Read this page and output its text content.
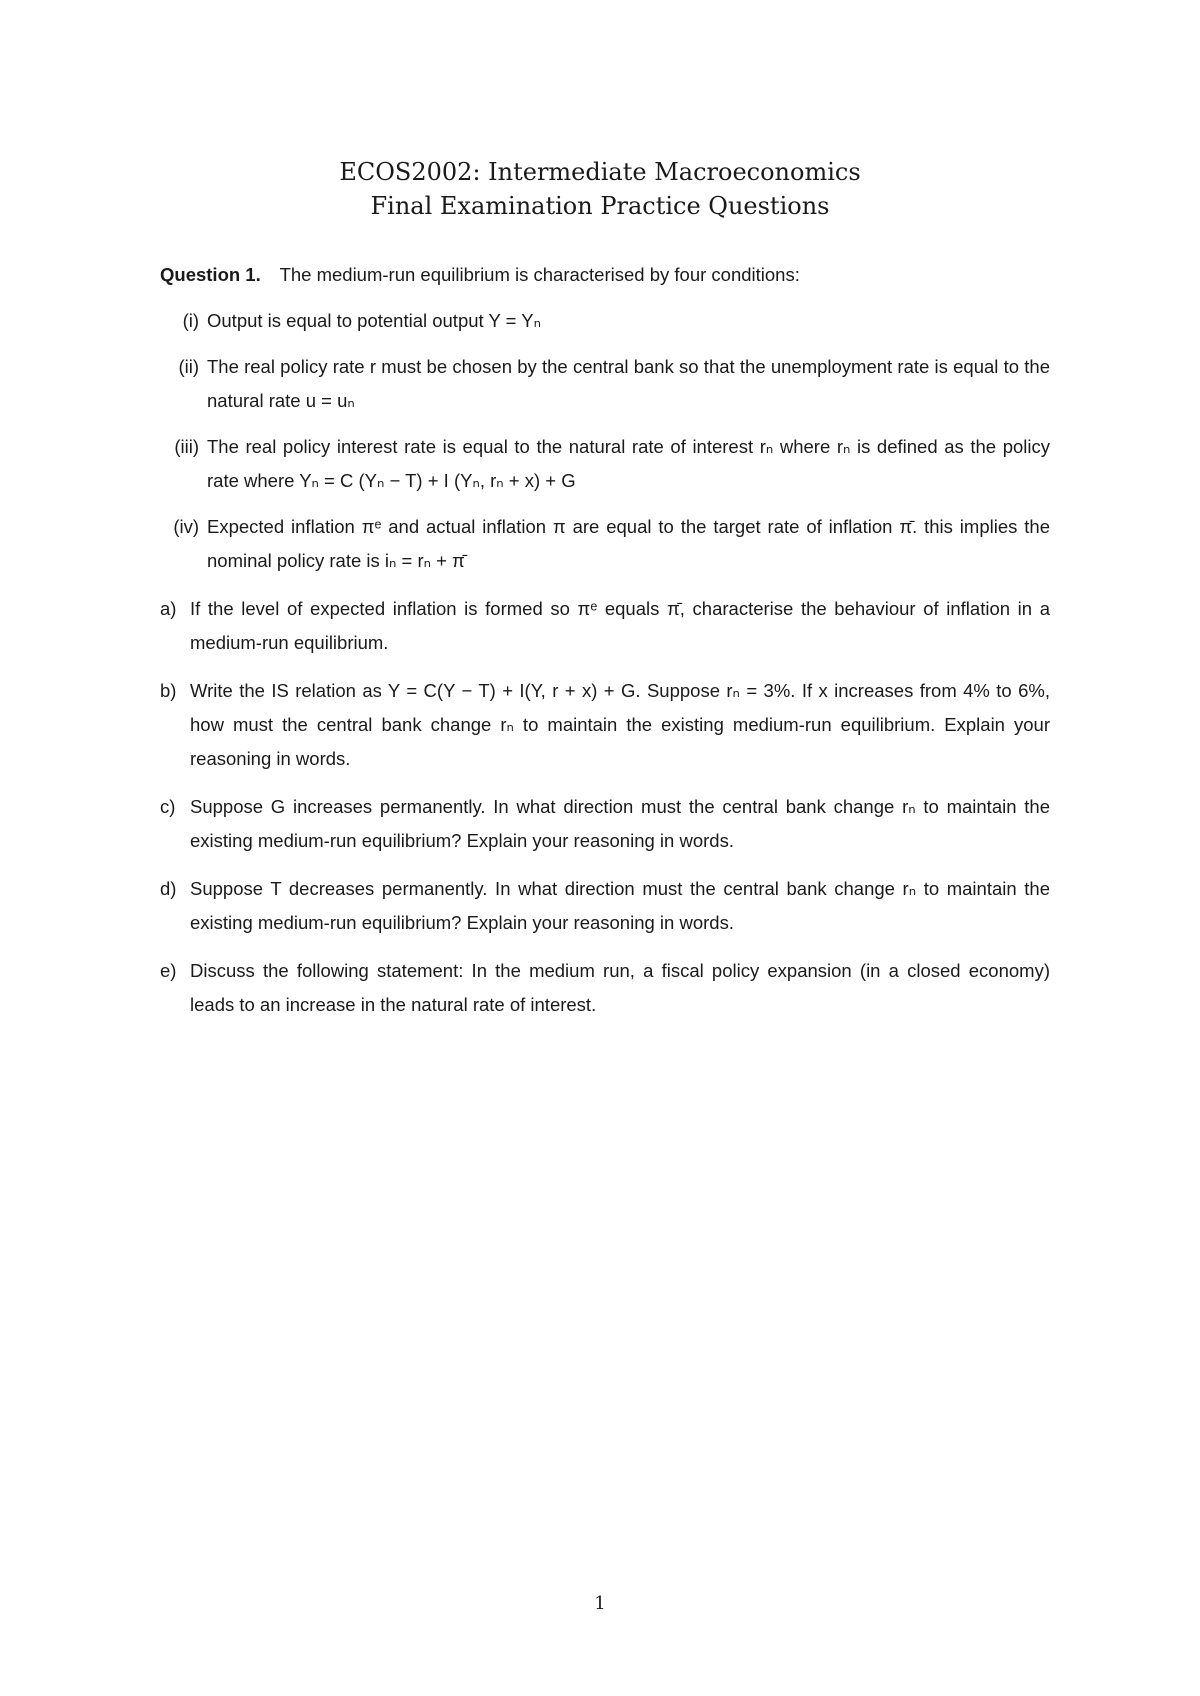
ECOS2002: Intermediate Macroeconomics
Final Examination Practice Questions
Question 1. The medium-run equilibrium is characterised by four conditions:
(i) Output is equal to potential output Y = Yₙ
(ii) The real policy rate r must be chosen by the central bank so that the unemployment rate is equal to the natural rate u = uₙ
(iii) The real policy interest rate is equal to the natural rate of interest rₙ where rₙ is defined as the policy rate where Yₙ = C (Yₙ − T) + I (Yₙ, rₙ + x) + G
(iv) Expected inflation πᵉ and actual inflation π are equal to the target rate of inflation π̄. this implies the nominal policy rate is iₙ = rₙ + π̄
a) If the level of expected inflation is formed so πᵉ equals π̄, characterise the behaviour of inflation in a medium-run equilibrium.
b) Write the IS relation as Y = C(Y − T) + I(Y, r + x) + G. Suppose rₙ = 3%. If x increases from 4% to 6%, how must the central bank change rₙ to maintain the existing medium-run equilibrium. Explain your reasoning in words.
c) Suppose G increases permanently. In what direction must the central bank change rₙ to maintain the existing medium-run equilibrium? Explain your reasoning in words.
d) Suppose T decreases permanently. In what direction must the central bank change rₙ to maintain the existing medium-run equilibrium? Explain your reasoning in words.
e) Discuss the following statement: In the medium run, a fiscal policy expansion (in a closed economy) leads to an increase in the natural rate of interest.
1
